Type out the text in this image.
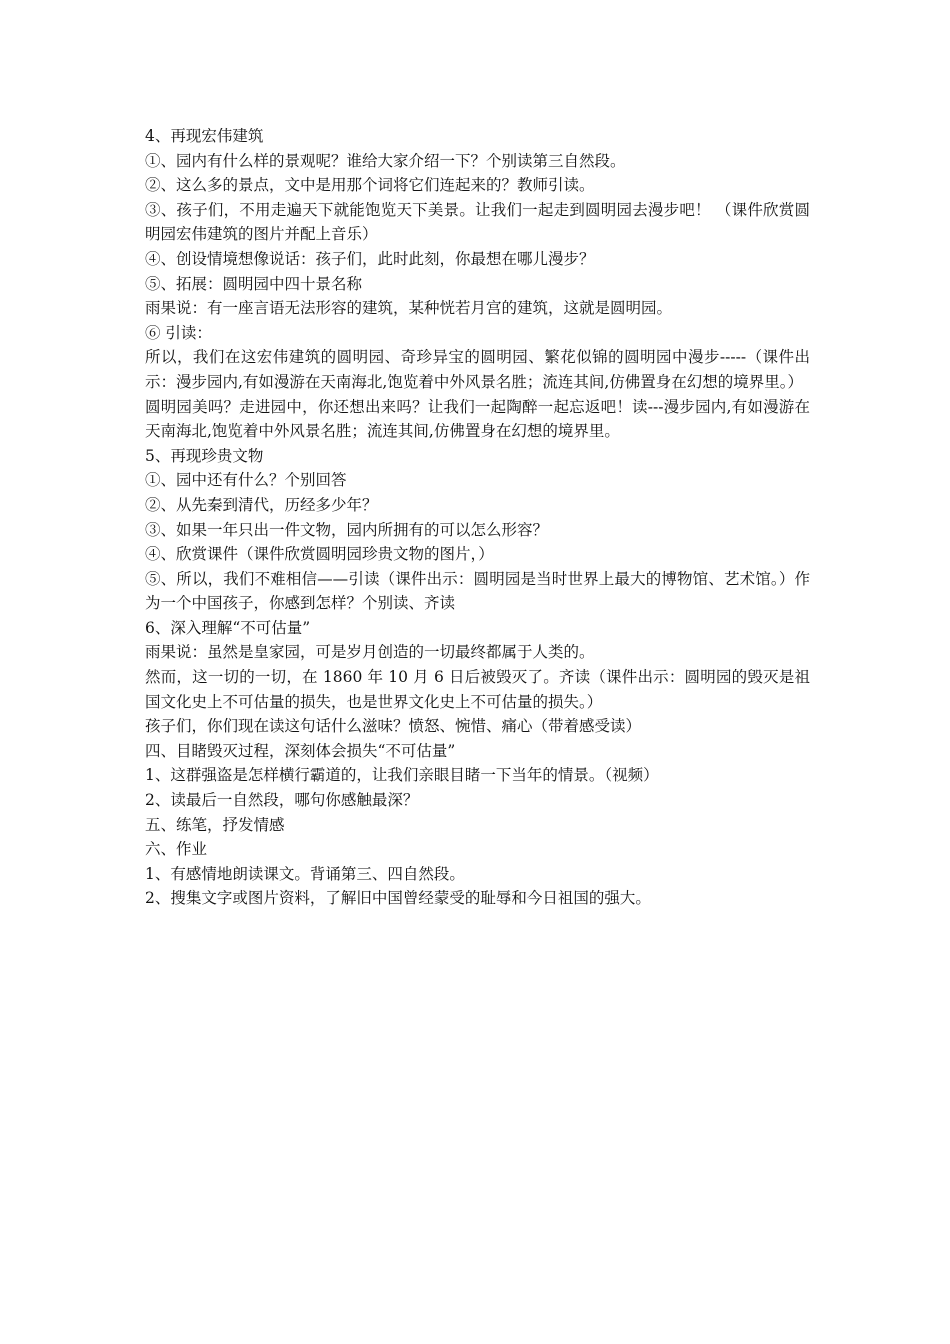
4、再现宏伟建筑

①、园内有什么样的景观呢？谁给大家介绍一下？个别读第三自然段。

②、这么多的景点，文中是用那个词将它们连起来的？教师引读。

③、孩子们，不用走遍天下就能饱览天下美景。让我们一起走到圆明园去漫步吧！ （课件欣赏圆明园宏伟建筑的图片并配上音乐）

④、创设情境想像说话：孩子们，此时此刻，你最想在哪儿漫步？

⑤、拓展：圆明园中四十景名称

雨果说：有一座言语无法形容的建筑，某种恍若月宫的建筑，这就是圆明园。

⑥ 引读：

所以，我们在这宏伟建筑的圆明园、奇珍异宝的圆明园、繁花似锦的圆明园中漫步-----（课件出示：漫步园内,有如漫游在天南海北,饱览着中外风景名胜；流连其间,仿佛置身在幻想的境界里。）

圆明园美吗？走进园中，你还想出来吗？让我们一起陶醉一起忘返吧！读---漫步园内,有如漫游在天南海北,饱览着中外风景名胜；流连其间,仿佛置身在幻想的境界里。

5、再现珍贵文物

①、园中还有什么？个别回答

②、从先秦到清代，历经多少年？

③、如果一年只出一件文物，园内所拥有的可以怎么形容？

④、欣赏课件（课件欣赏圆明园珍贵文物的图片，）

⑤、所以，我们不难相信——引读（课件出示：圆明园是当时世界上最大的博物馆、艺术馆。）作为一个中国孩子，你感到怎样？个别读、齐读

6、深入理解“不可估量”

雨果说：虽然是皇家园，可是岁月创造的一切最终都属于人类的。

然而，这一切的一切，在 1860 年 10 月 6 日后被毁灭了。齐读（课件出示：圆明园的毁灭是祖国文化史上不可估量的损失，也是世界文化史上不可估量的损失。）

孩子们，你们现在读这句话什么滋味？愤怒、惋惜、痛心（带着感受读）

四、目睹毁灭过程，深刻体会损失“不可估量”

1、这群强盗是怎样横行霸道的，让我们亲眼目睹一下当年的情景。（视频）

2、读最后一自然段，哪句你感触最深？

五、练笔，抒发情感

六、作业

1、有感情地朗读课文。背诵第三、四自然段。

2、搜集文字或图片资料，了解旧中国曾经蒙受的耻辱和今日祖国的强大。
